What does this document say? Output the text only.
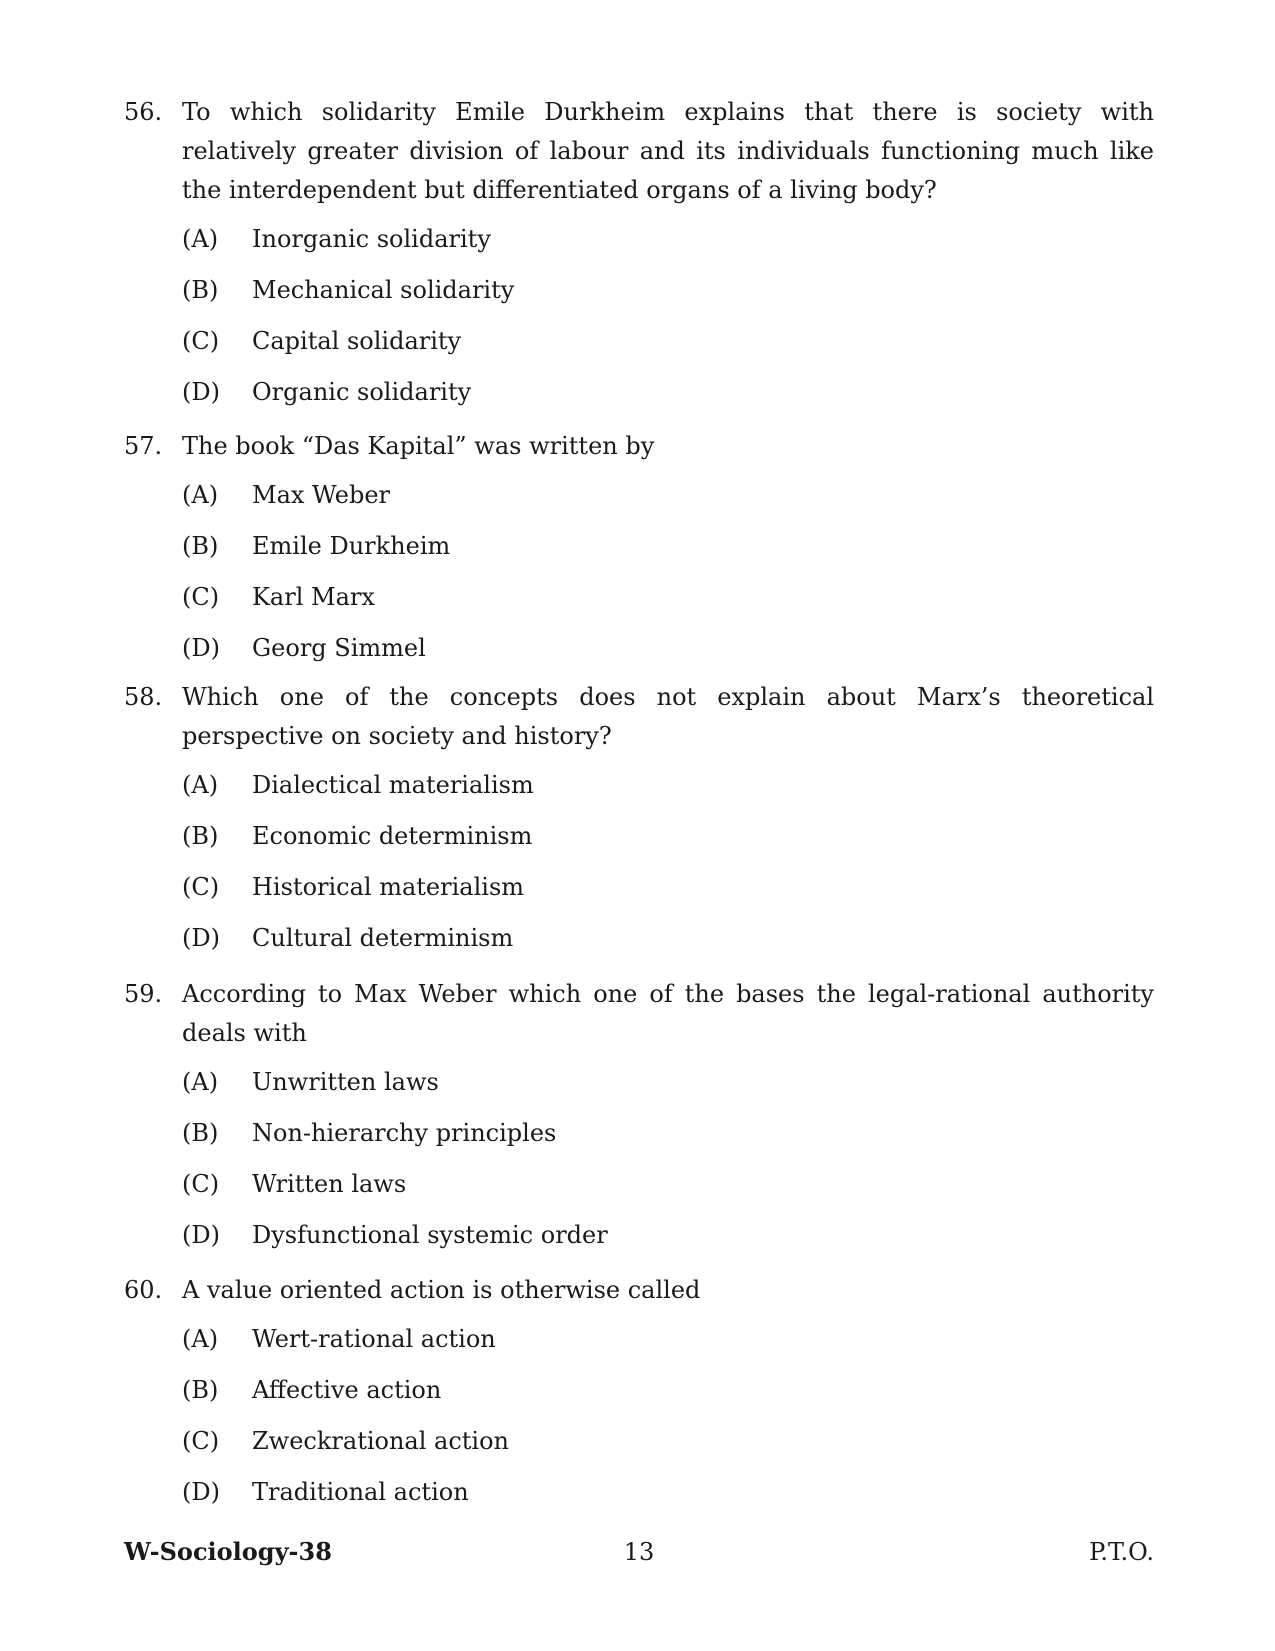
56. To which solidarity Emile Durkheim explains that there is society with relatively greater division of labour and its individuals functioning much like the interdependent but differentiated organs of a living body?
(A)	Inorganic solidarity
(B)	Mechanical solidarity
(C)	Capital solidarity
(D)	Organic solidarity
57. The book “Das Kapital” was written by
(A)	Max Weber
(B)	Emile Durkheim
(C)	Karl Marx
(D)	Georg Simmel
58. Which one of the concepts does not explain about Marx’s theoretical perspective on society and history?
(A)	Dialectical materialism
(B)	Economic determinism
(C)	Historical materialism
(D)	Cultural determinism
59. According to Max Weber which one of the bases the legal-rational authority deals with
(A)	Unwritten laws
(B)	Non-hierarchy principles
(C)	Written laws
(D)	Dysfunctional systemic order
60. A value oriented action is otherwise called
(A)	Wert-rational action
(B)	Affective action
(C)	Zweckrational action
(D)	Traditional action
W-Sociology-38	13	P.T.O.
